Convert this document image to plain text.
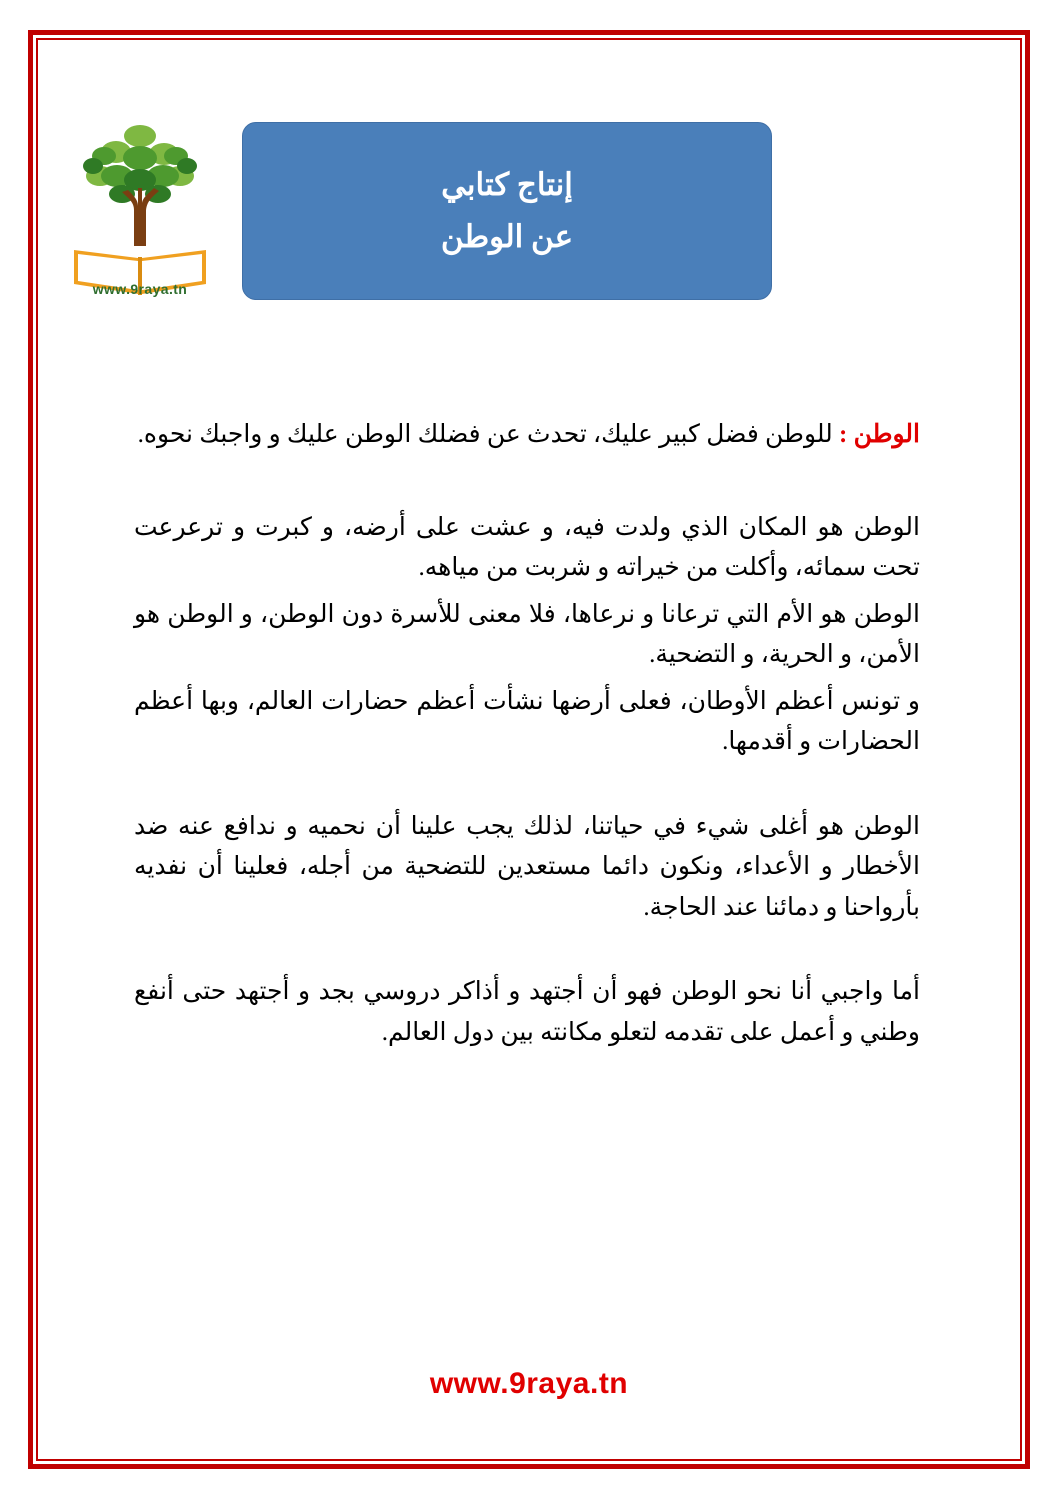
www.9raya.tn
إنتاج كتابي
عن الوطن

الوطن : للوطن فضل كبير عليك، تحدث عن فضلك الوطن عليك و واجبك نحوه.

الوطن هو المكان الذي ولدت فيه، و عشت على أرضه، و كبرت و ترعرعت تحت سمائه، وأكلت من خيراته و شربت من مياهه.

الوطن هو الأم التي ترعانا و نرعاها، فلا معنى للأسرة دون الوطن، و الوطن هو الأمن، و الحرية، و التضحية.

و تونس أعظم الأوطان، فعلى أرضها نشأت أعظم حضارات العالم، وبها أعظم الحضارات و أقدمها.

الوطن هو أغلى شيء في حياتنا، لذلك يجب علينا أن نحميه و ندافع عنه ضد الأخطار و الأعداء، ونكون دائما مستعدين للتضحية من أجله، فعلينا أن نفديه بأرواحنا و دمائنا عند الحاجة.

أما واجبي أنا نحو الوطن فهو أن أجتهد و أذاكر دروسي بجد و أجتهد حتى أنفع وطني و أعمل على تقدمه لتعلو مكانته بين دول العالم.

www.9raya.tn
